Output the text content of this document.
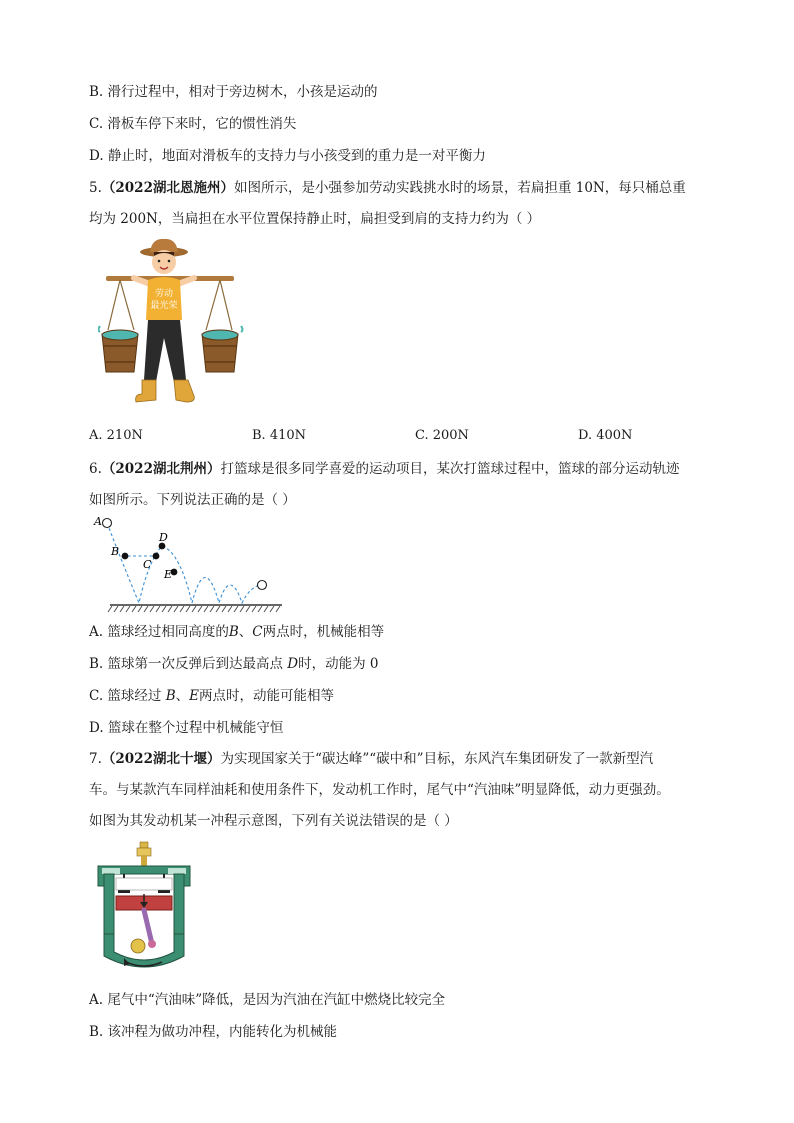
B. 滑行过程中，相对于旁边树木，小孩是运动的
C. 滑板车停下来时，它的惯性消失
D. 静止时，地面对滑板车的支持力与小孩受到的重力是一对平衡力
5.（2022湖北恩施州）如图所示，是小强参加劳动实践挑水时的场景，若扁担重 10N，每只桶总重
均为 200N，当扁担在水平位置保持静止时，扁担受到肩的支持力约为（ ）
劳动
最光荣
A. 210N	B. 410N	C. 200N	D. 400N
6.（2022湖北荆州）打篮球是很多同学喜爱的运动项目，某次打篮球过程中，篮球的部分运动轨迹
如图所示。下列说法正确的是（ ）
A
B
C
D
E
A. 篮球经过相同高度的B、C两点时，机械能相等
B. 篮球第一次反弹后到达最高点 D时，动能为 0
C. 篮球经过 B、E两点时，动能可能相等
D. 篮球在整个过程中机械能守恒
7.（2022湖北十堰）为实现国家关于“碳达峰”“碳中和”目标，东风汽车集团研发了一款新型汽
车。与某款汽车同样油耗和使用条件下，发动机工作时，尾气中“汽油味”明显降低，动力更强劲。
如图为其发动机某一冲程示意图，下列有关说法错误的是（ ）
A. 尾气中“汽油味”降低，是因为汽油在汽缸中燃烧比较完全
B. 该冲程为做功冲程，内能转化为机械能
